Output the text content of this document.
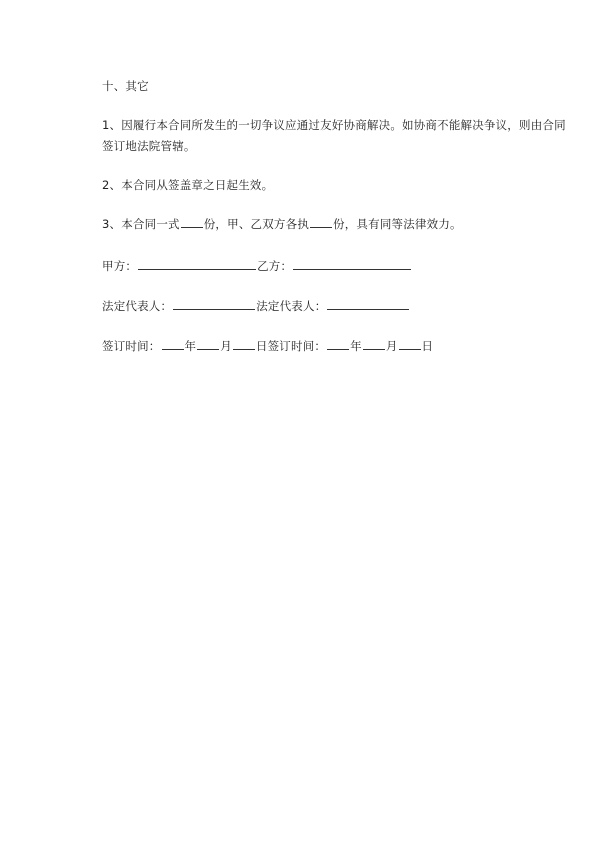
十、其它
1、因履行本合同所发生的一切争议应通过友好协商解决。如协商不能解决争议，则由合同签订地法院管辖。
2、本合同从签盖章之日起生效。
3、本合同一式 份，甲、乙双方各执 份，具有同等法律效力。
甲方：	乙方：
法定代表人：	法定代表人：
签订时间： 年 月 日签订时间： 年 月 日
